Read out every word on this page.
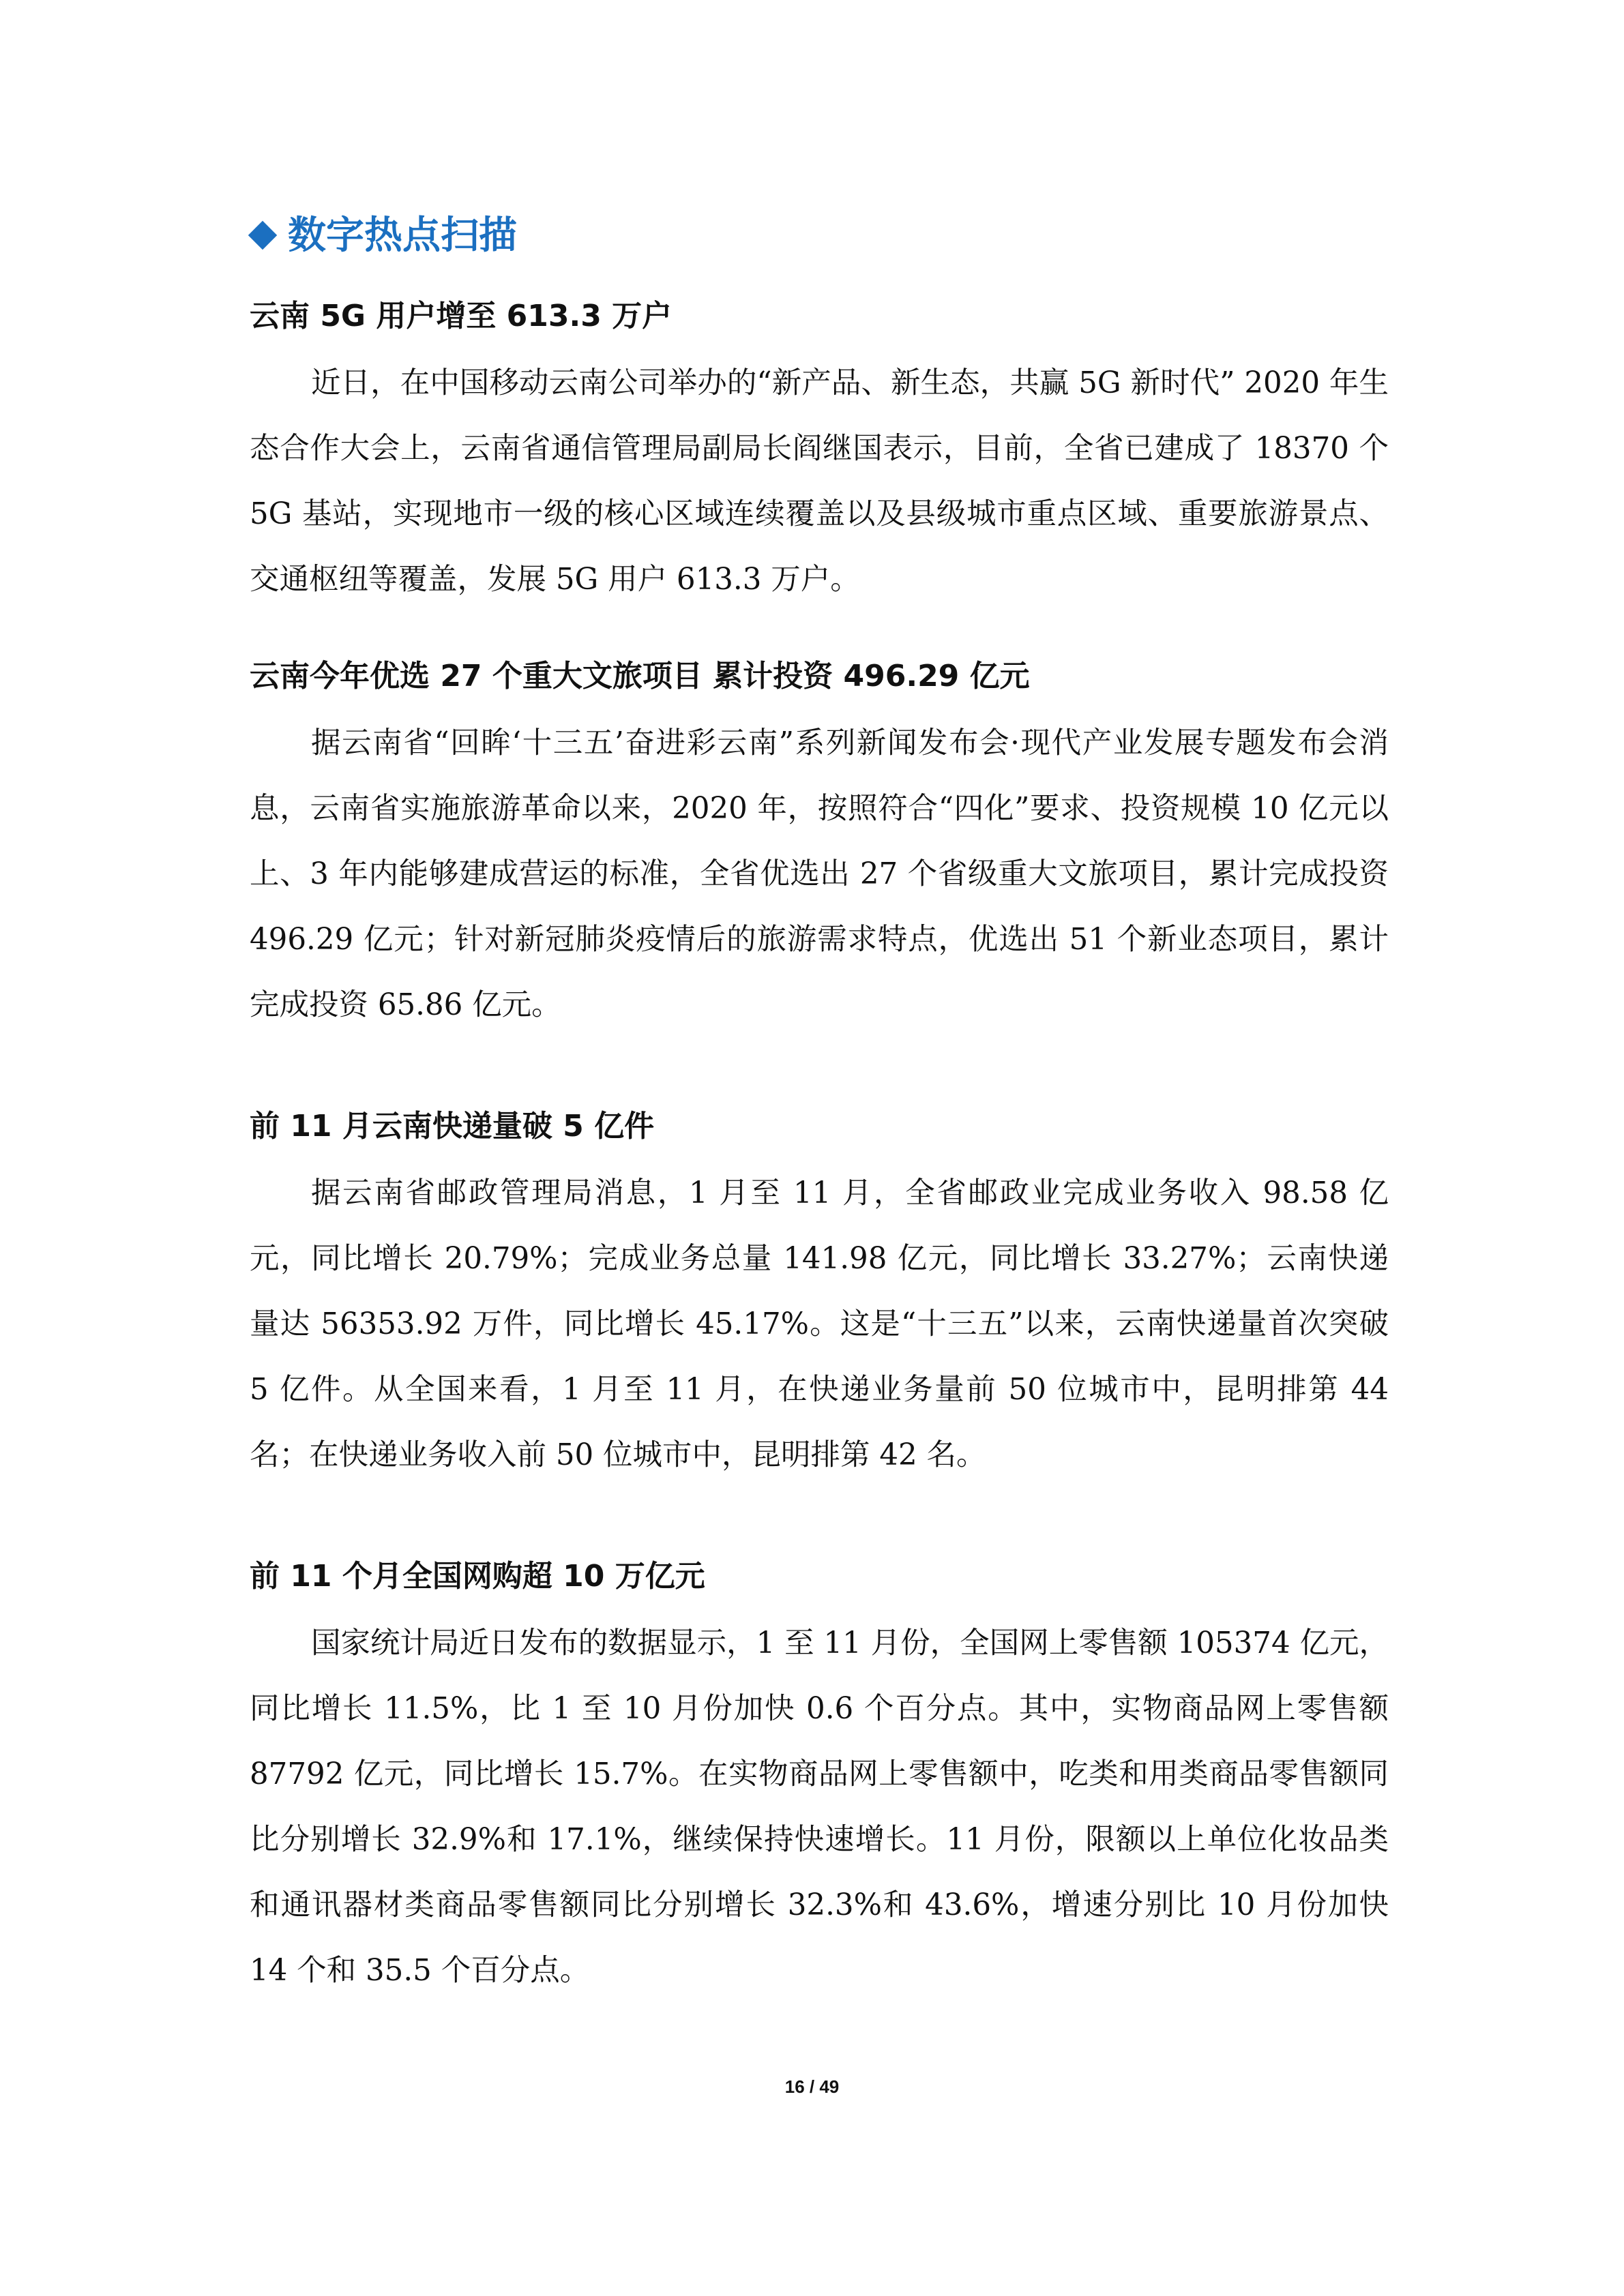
数字热点扫描
云南 5G 用户增至 613.3 万户

近日，在中国移动云南公司举办的“新产品、新生态，共赢 5G 新时代” 2020 年生态合作大会上，云南省通信管理局副局长阎继国表示，目前，全省已建成了 18370 个 5G 基站，实现地市一级的核心区域连续覆盖以及县级城市重点区域、重要旅游景点、交通枢纽等覆盖，发展 5G 用户 613.3 万户。

云南今年优选 27 个重大文旅项目 累计投资 496.29 亿元

据云南省“回眸‘十三五’奋进彩云南”系列新闻发布会·现代产业发展专题发布会消息，云南省实施旅游革命以来，2020 年，按照符合“四化”要求、投资规模 10 亿元以上、3 年内能够建成营运的标准，全省优选出 27 个省级重大文旅项目，累计完成投资 496.29 亿元；针对新冠肺炎疫情后的旅游需求特点，优选出 51 个新业态项目，累计完成投资 65.86 亿元。

前 11 月云南快递量破 5 亿件

据云南省邮政管理局消息，1 月至 11 月，全省邮政业完成业务收入 98.58 亿元，同比增长 20.79%；完成业务总量 141.98 亿元，同比增长 33.27%；云南快递量达 56353.92 万件，同比增长 45.17%。这是“十三五”以来，云南快递量首次突破 5 亿件。从全国来看，1 月至 11 月，在快递业务量前 50 位城市中，昆明排第 44 名；在快递业务收入前 50 位城市中，昆明排第 42 名。

前 11 个月全国网购超 10 万亿元

国家统计局近日发布的数据显示，1 至 11 月份，全国网上零售额 105374 亿元，同比增长 11.5%，比 1 至 10 月份加快 0.6 个百分点。其中，实物商品网上零售额 87792 亿元，同比增长 15.7%。在实物商品网上零售额中，吃类和用类商品零售额同比分别增长 32.9%和 17.1%，继续保持快速增长。11 月份，限额以上单位化妆品类和通讯器材类商品零售额同比分别增长 32.3%和 43.6%，增速分别比 10 月份加快 14 个和 35.5 个百分点。

16 / 49
